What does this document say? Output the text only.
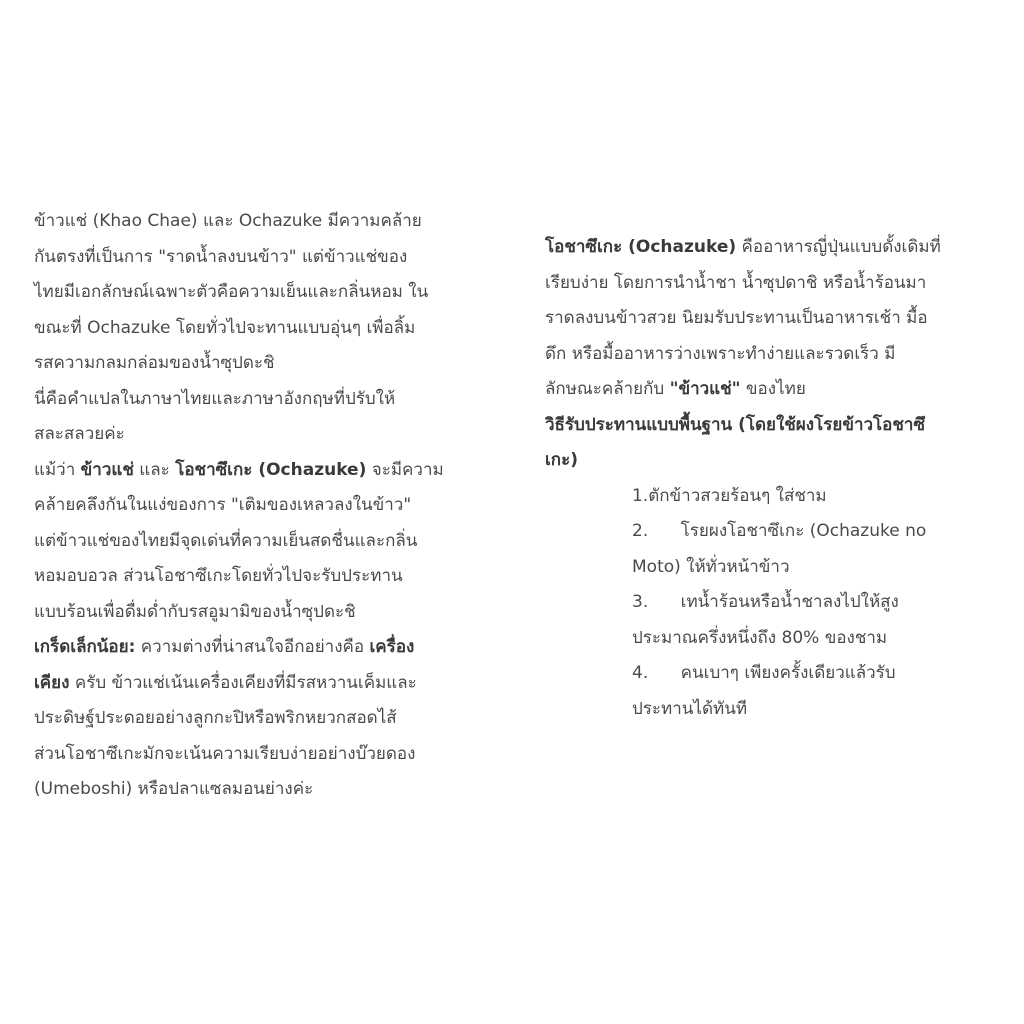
ข้าวแช่ (Khao Chae) และ Ochazuke มีความคล้าย
กันตรงที่เป็นการ "ราดน้ำลงบนข้าว" แต่ข้าวแช่ของ
ไทยมีเอกลักษณ์เฉพาะตัวคือความเย็นและกลิ่นหอม ใน
ขณะที่ Ochazuke โดยทั่วไปจะทานแบบอุ่นๆ เพื่อลิ้ม
รสความกลมกล่อมของน้ำซุปดะชิ
นี่คือคำแปลในภาษาไทยและภาษาอังกฤษที่ปรับให้
สละสลวยค่ะ
แม้ว่า ข้าวแช่ และ โอชาซึเกะ (Ochazuke) จะมีความ
คล้ายคลึงกันในแง่ของการ "เติมของเหลวลงในข้าว"
แต่ข้าวแช่ของไทยมีจุดเด่นที่ความเย็นสดชื่นและกลิ่น
หอมอบอวล ส่วนโอชาซึเกะโดยทั่วไปจะรับประทาน
แบบร้อนเพื่อดื่มด่ำกับรสอูมามิของน้ำซุปดะชิ
เกร็ดเล็กน้อย: ความต่างที่น่าสนใจอีกอย่างคือ เครื่อง
เคียง ครับ ข้าวแช่เน้นเครื่องเคียงที่มีรสหวานเค็มและ
ประดิษฐ์ประดอยอย่างลูกกะปิหรือพริกหยวกสอดไส้
ส่วนโอชาซึเกะมักจะเน้นความเรียบง่ายอย่างบ๊วยดอง
(Umeboshi) หรือปลาแซลมอนย่างค่ะ
โอชาซึเกะ (Ochazuke) คืออาหารญี่ปุ่นแบบดั้งเดิมที่
เรียบง่าย โดยการนำน้ำชา น้ำซุปดาชิ หรือน้ำร้อนมา
ราดลงบนข้าวสวย นิยมรับประทานเป็นอาหารเช้า มื้อ
ดึก หรือมื้ออาหารว่างเพราะทำง่ายและรวดเร็ว มี
ลักษณะคล้ายกับ "ข้าวแช่" ของไทย
วิธีรับประทานแบบพื้นฐาน (โดยใช้ผงโรยข้าวโอชาซึ
เกะ)
1.ตักข้าวสวยร้อนๆ ใส่ชาม
2.      โรยผงโอชาซึเกะ (Ochazuke no
Moto) ให้ทั่วหน้าข้าว
3.      เทน้ำร้อนหรือน้ำชาลงไปให้สูง
ประมาณครึ่งหนึ่งถึง 80% ของชาม
4.      คนเบาๆ เพียงครั้งเดียวแล้วรับ
ประทานได้ทันที
